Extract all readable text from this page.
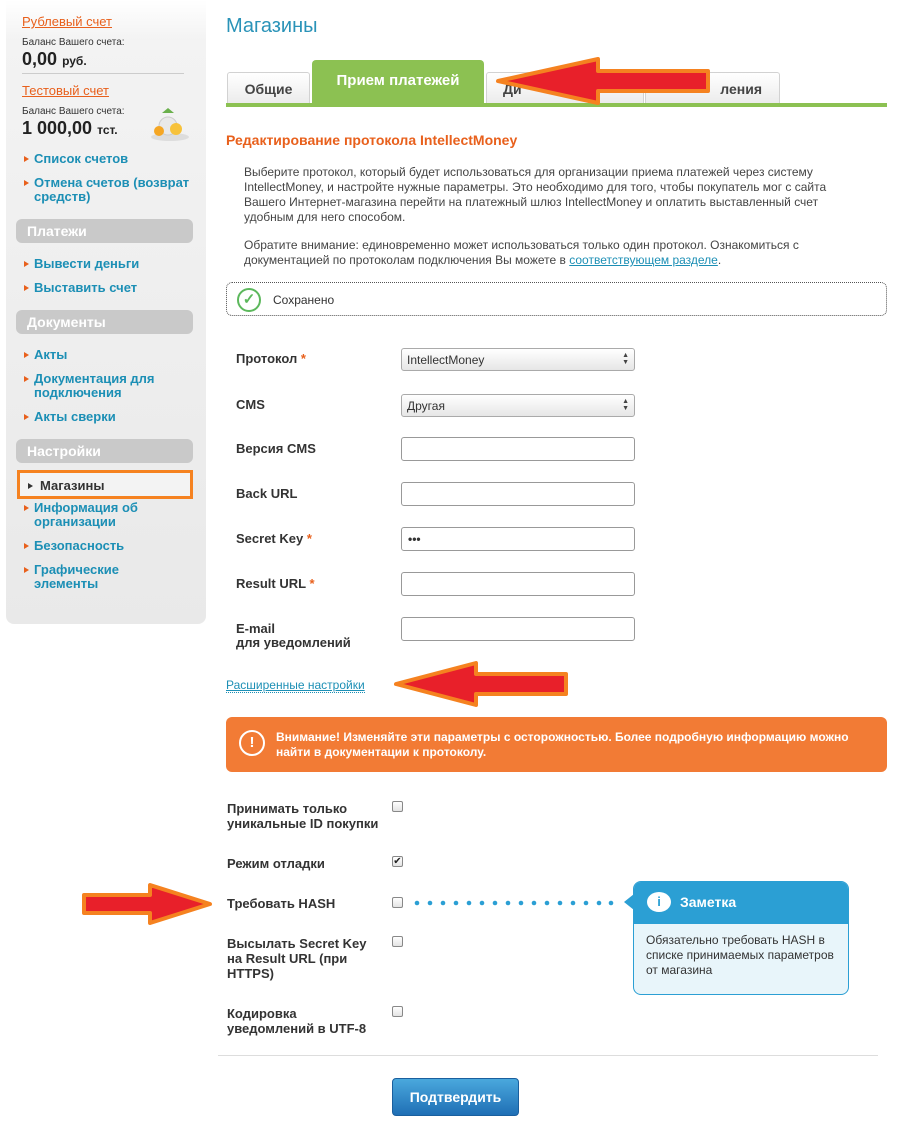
Рублевый счет
Баланс Вашего счета:
0,00 руб.
Тестовый счет
Баланс Вашего счета:
1 000,00 тст.
Список счетов
Отмена счетов (возврат средств)
Платежи
Вывести деньги
Выставить счет
Документы
Акты
Документация для подключения
Акты сверки
Настройки
Магазины
Информация об организации
Безопасность
Графические элементы
Магазины
Общие	Ди	ления
Прием платежей
Редактирование протокола IntellectMoney
Выберите протокол, который будет использоваться для организации приема платежей через систему IntellectMoney, и настройте нужные параметры. Это необходимо для того, чтобы покупатель мог с сайта Вашего Интернет-магазина перейти на платежный шлюз IntellectMoney и оплатить выставленный счет удобным для него способом.
Обратите внимание: единовременно может использоваться только один протокол. Ознакомиться с документацией по протоколам подключения Вы можете в соответствующем разделе.
✓	Сохранено
Протокол *	IntellectMoney	▲
▼
CMS	Другая	▲
▼
Версия CMS
Back URL
Secret Key *	•••
Result URL *
E-mail
для уведомлений
Расширенные настройки
!	Внимание! Изменяйте эти параметры с осторожностью. Более подробную информацию можно найти в документации к протоколу.
Принимать только уникальные ID покупки
Режим отладки	✔
Требовать HASH
Высылать Secret Key на Result URL (при HTTPS)
Кодировка уведомлений в UTF-8
i	Заметка
Обязательно требовать HASH в списке принимаемых параметров от магазина
Подтвердить
